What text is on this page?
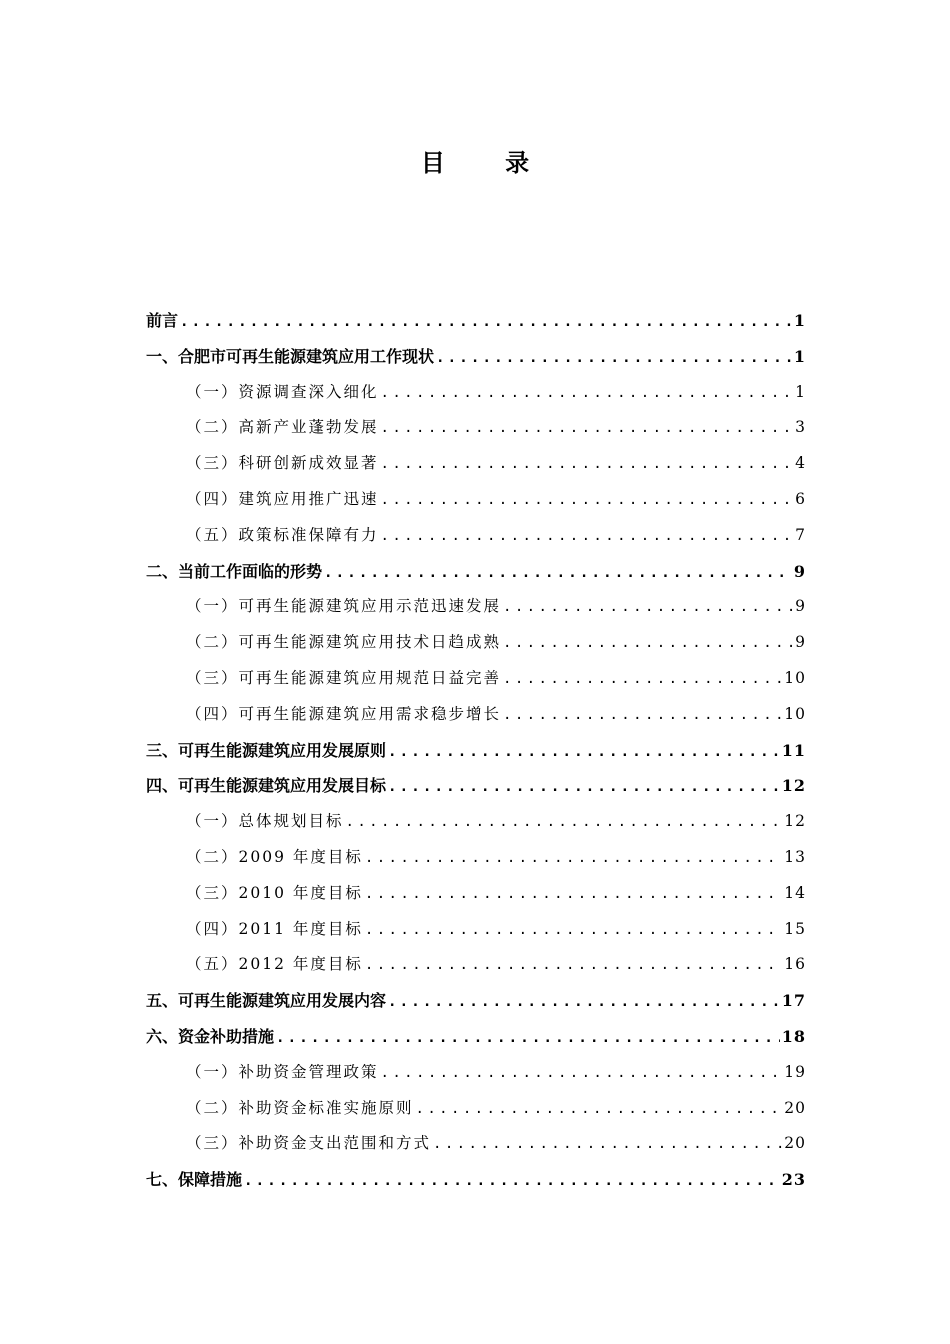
目 录
前言 .....	1
一、合肥市可再生能源建筑应用工作现状 .....	1
（一）资源调查深入细化 .....	1
（二）高新产业蓬勃发展 .....	3
（三）科研创新成效显著 .....	4
（四）建筑应用推广迅速 .....	6
（五）政策标准保障有力 .....	7
二、当前工作面临的形势 .....	9
（一）可再生能源建筑应用示范迅速发展 .....	9
（二）可再生能源建筑应用技术日趋成熟 .....	9
（三）可再生能源建筑应用规范日益完善 .....	10
（四）可再生能源建筑应用需求稳步增长 .....	10
三、可再生能源建筑应用发展原则 .....	11
四、可再生能源建筑应用发展目标 .....	12
（一）总体规划目标 .....	12
（二）2009 年度目标 .....	13
（三）2010 年度目标 .....	14
（四）2011 年度目标 .....	15
（五）2012 年度目标 .....	16
五、可再生能源建筑应用发展内容 .....	17
六、资金补助措施 .....	18
（一）补助资金管理政策 .....	19
（二）补助资金标准实施原则 .....	20
（三）补助资金支出范围和方式 .....	20
七、保障措施 .....	23
